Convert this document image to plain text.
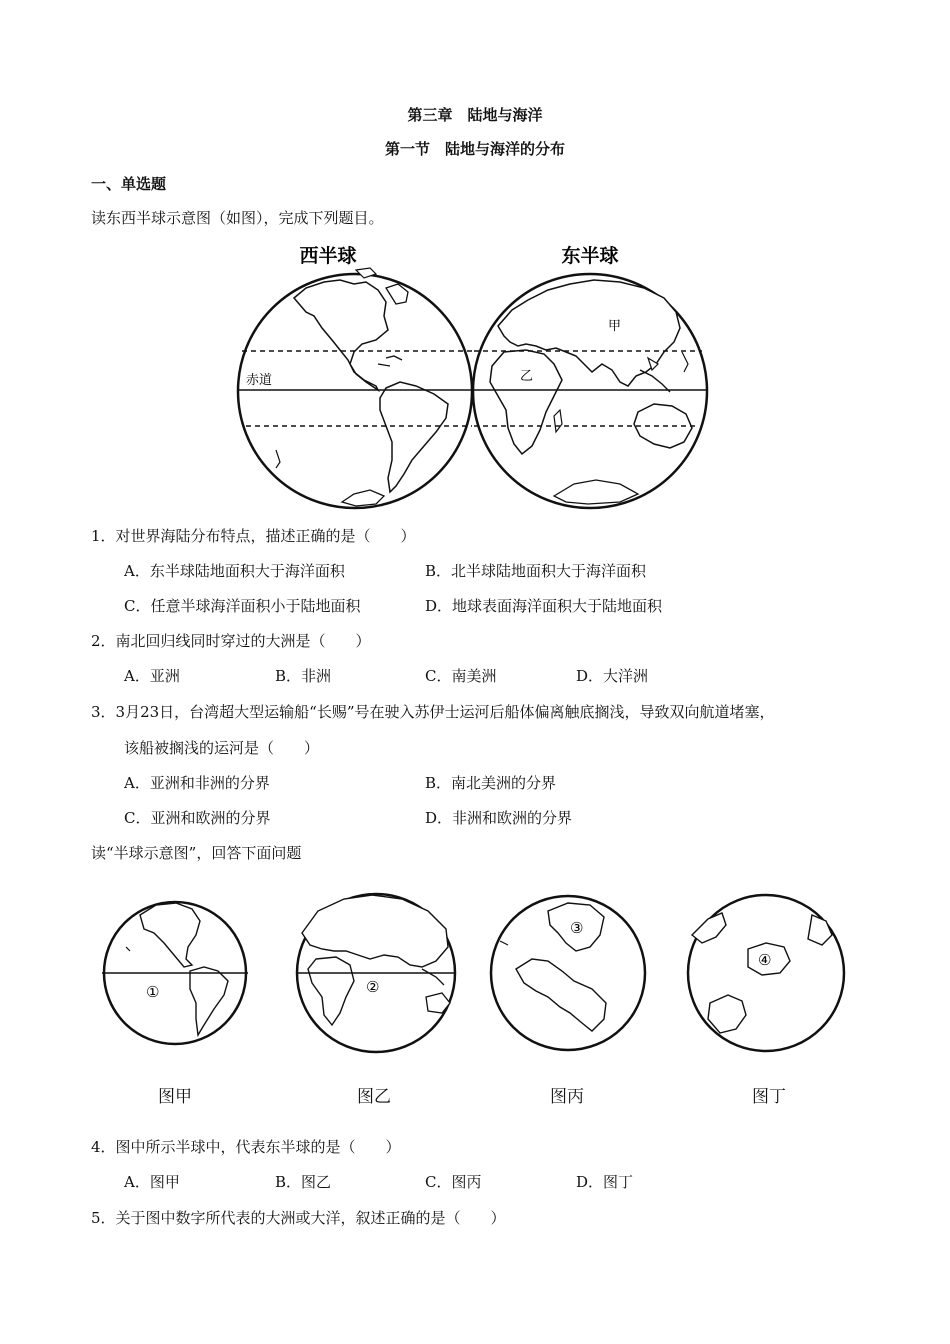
第三章　陆地与海洋
第一节　陆地与海洋的分布
一、单选题
读东西半球示意图（如图），完成下列题目。
西半球	东半球
赤道
甲
乙
1．对世界海陆分布特点，描述正确的是（　　）
A．东半球陆地面积大于海洋面积	B．北半球陆地面积大于海洋面积
C．任意半球海洋面积小于陆地面积	D．地球表面海洋面积大于陆地面积
2．南北回归线同时穿过的大洲是（　　）
A．亚洲	B．非洲	C．南美洲	D．大洋洲
3．3月23日，台湾超大型运输船“长赐”号在驶入苏伊士运河后船体偏离触底搁浅，导致双向航道堵塞，
该船被搁浅的运河是（　　）
A．亚洲和非洲的分界	B．南北美洲的分界
C．亚洲和欧洲的分界	D．非洲和欧洲的分界
读“半球示意图”，回答下面问题
①	②
③
④
图甲	图乙	图丙	图丁
4．图中所示半球中，代表东半球的是（　　）
A．图甲	B．图乙	C．图丙	D．图丁
5．关于图中数字所代表的大洲或大洋，叙述正确的是（　　）
